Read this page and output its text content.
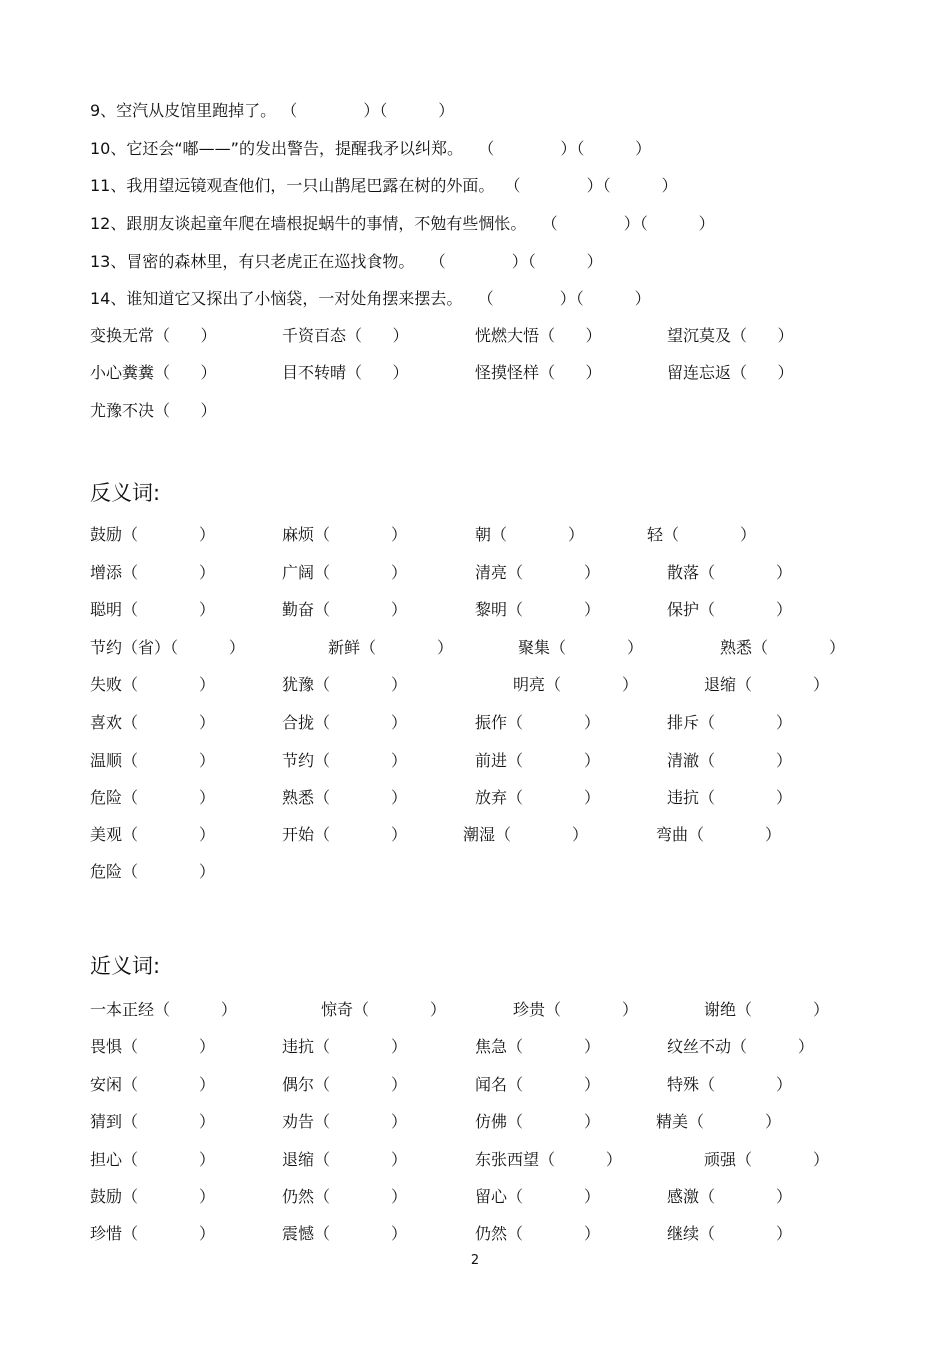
9、空汽从皮馆里跑掉了。 （             ）（          ）
10、它还会“嘟——”的发出警告，提醒我矛以纠郑。   （             ）（          ）
11、我用望远镜观查他们，一只山鹊尾巴露在树的外面。  （             ）（          ）
12、跟朋友谈起童年爬在墙根捉蜗牛的事情，不勉有些惆怅。   （             ）（          ）
13、冒密的森林里，有只老虎正在巡找食物。   （             ）（          ）
14、谁知道它又探出了小恼袋，一对处角摆来摆去。   （             ）（          ）
变换无常（      ）	千资百态（      ）	恍燃大悟（      ）	望沉莫及（      ）
小心糞糞（      ）	目不转晴（      ）	怪摸怪样（      ）	留连忘返（      ）
尤豫不决（      ）
反义词:
鼓励（            ）	麻烦（            ）	朝（            ）	轻（            ）
增添（            ）	广阔（            ）	清亮（            ）	散落（            ）
聪明（            ）	勤奋（            ）	黎明（            ）	保护（            ）
节约（省）（          ）	新鲜（            ）	聚集（            ）	熟悉（            ）
失败（            ）	犹豫（            ）	明亮（            ）	退缩（            ）
喜欢（            ）	合拢（            ）	振作（            ）	排斥（            ）
温顺（            ）	节约（            ）	前进（            ）	清澈（            ）
危险（            ）	熟悉（            ）	放弃（            ）	违抗（            ）
美观（            ）	开始（            ）	潮湿（            ）	弯曲（            ）
危险（            ）
近义词:
一本正经（          ）	惊奇（            ）	珍贵（            ）	谢绝（            ）
畏惧（            ）	违抗（            ）	焦急（            ）	纹丝不动（          ）
安闲（            ）	偶尔（            ）	闻名（            ）	特殊（            ）
猜到（            ）	劝告（            ）	仿佛（            ）	精美（            ）
担心（            ）	退缩（            ）	东张西望（          ）	顽强（            ）
鼓励（            ）	仍然（            ）	留心（            ）	感激（            ）
珍惜（            ）	震憾（            ）	仍然（            ）	继续（            ）
2
